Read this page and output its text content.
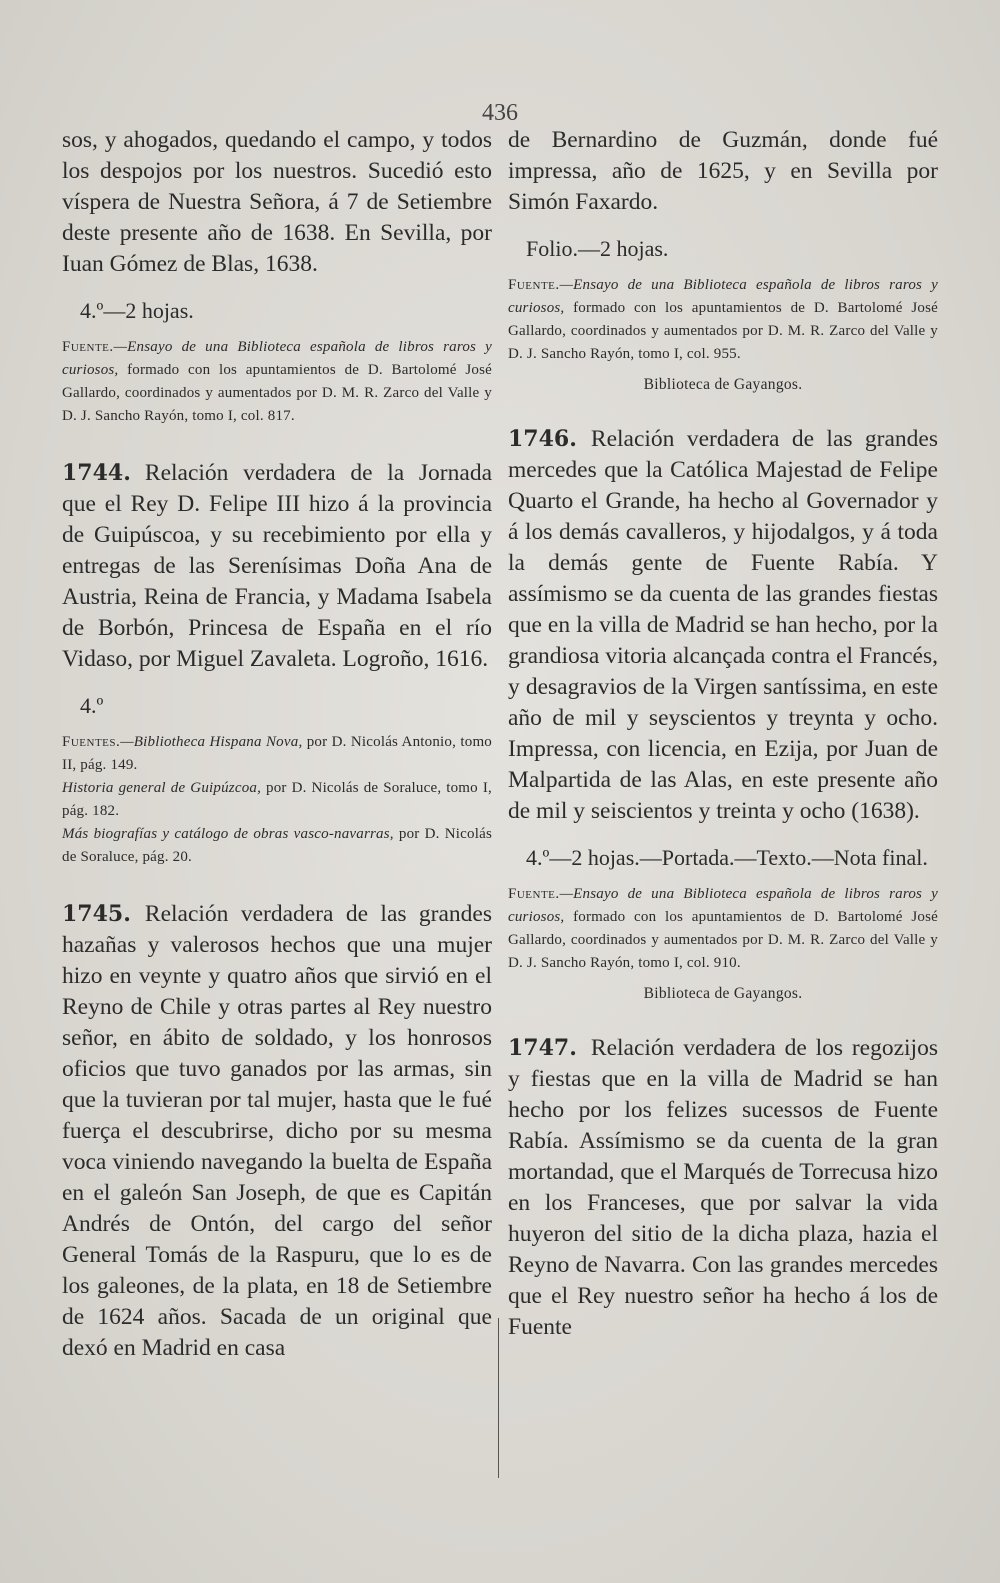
436

sos, y ahogados, quedando el campo, y todos los despojos por los nuestros. Sucedió esto víspera de Nuestra Señora, á 7 de Setiembre deste presente año de 1638. En Sevilla, por Iuan Gómez de Blas, 1638.

4.º—2 hojas.

Fuente.—Ensayo de una Biblioteca española de libros raros y curiosos, formado con los apuntamientos de D. Bartolomé José Gallardo, coordinados y aumentados por D. M. R. Zarco del Valle y D. J. Sancho Rayón, tomo I, col. 817.

1744. Relación verdadera de la Jornada que el Rey D. Felipe III hizo á la provincia de Guipúscoa, y su recebimiento por ella y entregas de las Serenísimas Doña Ana de Austria, Reina de Francia, y Madama Isabela de Borbón, Princesa de España en el río Vidaso, por Miguel Zavaleta. Logroño, 1616.

4.º

Fuentes.—Bibliotheca Hispana Nova, por D. Nicolás Antonio, tomo II, pág. 149.

Historia general de Guipúzcoa, por D. Nicolás de Soraluce, tomo I, pág. 182.

Más biografías y catálogo de obras vasco-navarras, por D. Nicolás de Soraluce, pág. 20.

1745. Relación verdadera de las grandes hazañas y valerosos hechos que una mujer hizo en veynte y quatro años que sirvió en el Reyno de Chile y otras partes al Rey nuestro señor, en ábito de soldado, y los honrosos oficios que tuvo ganados por las armas, sin que la tuvieran por tal mujer, hasta que le fué fuerça el descubrirse, dicho por su mesma voca viniendo navegando la buelta de España en el galeón San Joseph, de que es Capitán Andrés de Ontón, del cargo del señor General Tomás de la Raspuru, que lo es de los galeones, de la plata, en 18 de Setiembre de 1624 años. Sacada de un original que dexó en Madrid en casa

de Bernardino de Guzmán, donde fué impressa, año de 1625, y en Sevilla por Simón Faxardo.

Folio.—2 hojas.

Fuente.—Ensayo de una Biblioteca española de libros raros y curiosos, formado con los apuntamientos de D. Bartolomé José Gallardo, coordinados y aumentados por D. M. R. Zarco del Valle y D. J. Sancho Rayón, tomo I, col. 955.

Biblioteca de Gayangos.

1746. Relación verdadera de las grandes mercedes que la Católica Majestad de Felipe Quarto el Grande, ha hecho al Governador y á los demás cavalleros, y hijodalgos, y á toda la demás gente de Fuente Rabía. Y assímismo se da cuenta de las grandes fiestas que en la villa de Madrid se han hecho, por la grandiosa vitoria alcançada contra el Francés, y desagravios de la Virgen santíssima, en este año de mil y seyscientos y treynta y ocho. Impressa, con licencia, en Ezija, por Juan de Malpartida de las Alas, en este presente año de mil y seiscientos y treinta y ocho (1638).

4.º—2 hojas.—Portada.—Texto.—Nota final.

Fuente.—Ensayo de una Biblioteca española de libros raros y curiosos, formado con los apuntamientos de D. Bartolomé José Gallardo, coordinados y aumentados por D. M. R. Zarco del Valle y D. J. Sancho Rayón, tomo I, col. 910.

Biblioteca de Gayangos.

1747. Relación verdadera de los regozijos y fiestas que en la villa de Madrid se han hecho por los felizes sucessos de Fuente Rabía. Assímismo se da cuenta de la gran mortandad, que el Marqués de Torrecusa hizo en los Franceses, que por salvar la vida huyeron del sitio de la dicha plaza, hazia el Reyno de Navarra. Con las grandes mercedes que el Rey nuestro señor ha hecho á los de Fuente
